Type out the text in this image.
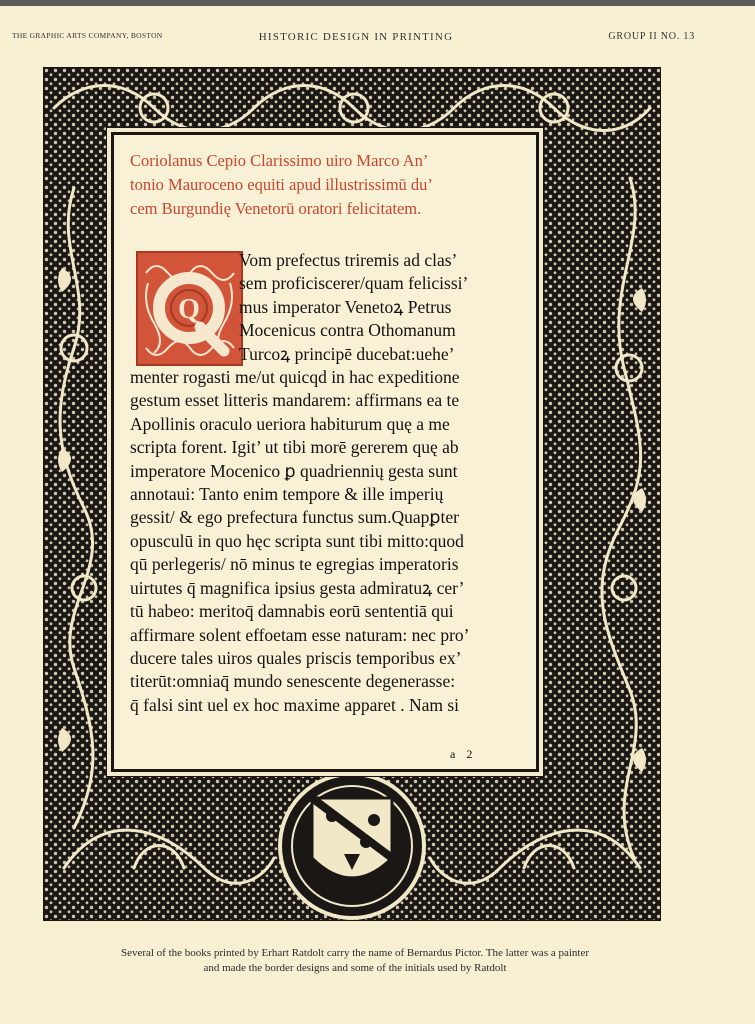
THE GRAPHIC ARTS COMPANY, BOSTON	HISTORIC DESIGN IN PRINTING	GROUP II NO. 13
Coriolanus Cepio Clarissimo uiro Marco An’
tonio Mauroceno equiti apud illustrissimū du’
cem Burgundię Venetorū oratori felicitatem.
Q
Vom prefectus triremis ad clas’
sem proficiscerer/quam felicissi’
mus imperator Venetoꝝ Petrus
Mocenicus contra Othomanum
Turcoꝝ principē ducebat:uehe’
menter rogasti me/ut quicqd in hac expeditione
gestum esset litteris mandarem: affirmans ea te
Apollinis oraculo ueriora habiturum quę a me
scripta forent. Igit’ ut tibi morē gererem quę ab
imperatore Mocenico ꝑ quadriennių gesta sunt
annotaui: Tanto enim tempore & ille imperių
gessit/ & ego prefectura functus sum.Quapꝑter
opusculū in quo hęc scripta sunt tibi mitto:quod
qū perlegeris/ nō minus te egregias imperatoris
uirtutes q̄ magnifica ipsius gesta admiratuꝝ cer’
tū habeo: meritoq̄ damnabis eorū sententiā qui
affirmare solent effoetam esse naturam: nec pro’
ducere tales uiros quales priscis temporibus ex’
titerūt:omniaq̄ mundo senescente degenerasse:
q̄ falsi sint uel ex hoc maxime apparet . Nam si
a 2
Several of the books printed by Erhart Ratdolt carry the name of Bernardus Pictor. The latter was a painter
and made the border designs and some of the initials used by Ratdolt
